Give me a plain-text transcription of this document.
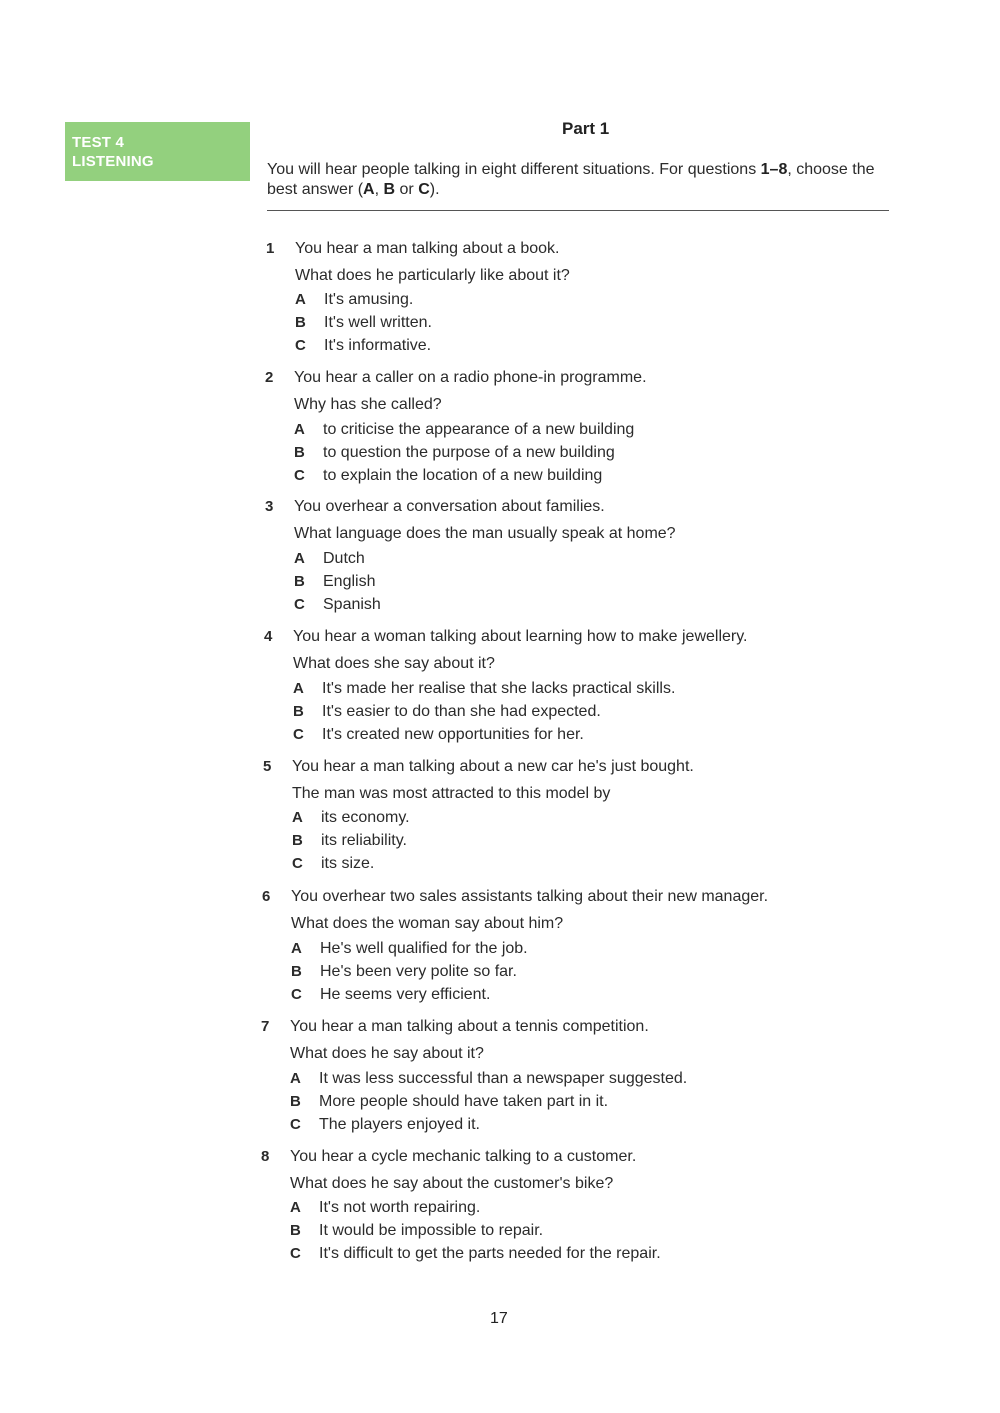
TEST 4
LISTENING
Part 1
You will hear people talking in eight different situations. For questions 1–8, choose the best answer (A, B or C).
1	You hear a man talking about a book.
What does he particularly like about it?
A It's amusing.
B It's well written.
C It's informative.
2	You hear a caller on a radio phone-in programme.
Why has she called?
A to criticise the appearance of a new building
B to question the purpose of a new building
C to explain the location of a new building
3	You overhear a conversation about families.
What language does the man usually speak at home?
A Dutch
B English
C Spanish
4	You hear a woman talking about learning how to make jewellery.
What does she say about it?
A It's made her realise that she lacks practical skills.
B It's easier to do than she had expected.
C It's created new opportunities for her.
5	You hear a man talking about a new car he's just bought.
The man was most attracted to this model by
A its economy.
B its reliability.
C its size.
6	You overhear two sales assistants talking about their new manager.
What does the woman say about him?
A He's well qualified for the job.
B He's been very polite so far.
C He seems very efficient.
7	You hear a man talking about a tennis competition.
What does he say about it?
A It was less successful than a newspaper suggested.
B More people should have taken part in it.
C The players enjoyed it.
8	You hear a cycle mechanic talking to a customer.
What does he say about the customer's bike?
A It's not worth repairing.
B It would be impossible to repair.
C It's difficult to get the parts needed for the repair.
17
